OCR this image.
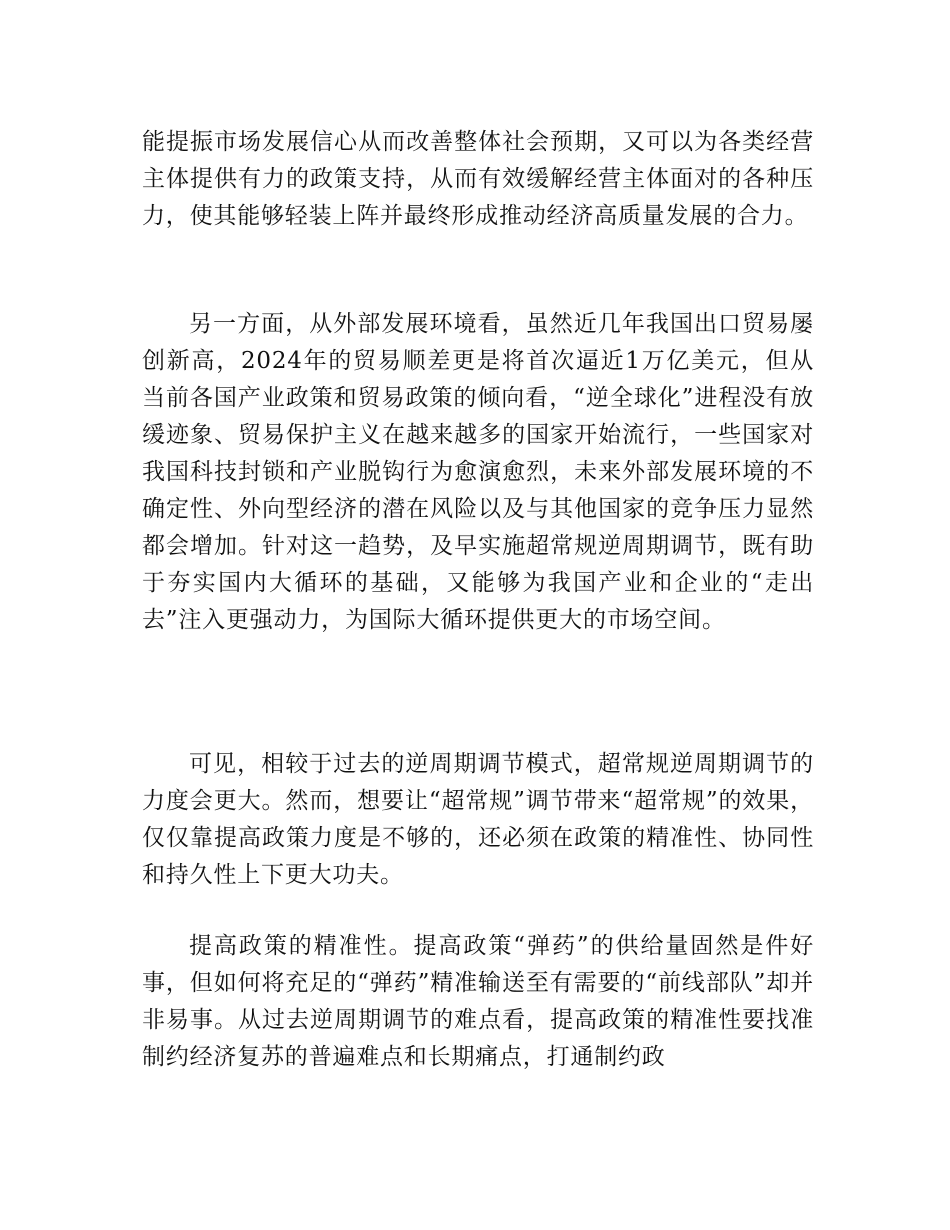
能提振市场发展信心从而改善整体社会预期，又可以为各类经营主体提供有力的政策支持，从而有效缓解经营主体面对的各种压力，使其能够轻装上阵并最终形成推动经济高质量发展的合力。

另一方面，从外部发展环境看，虽然近几年我国出口贸易屡创新高，2024年的贸易顺差更是将首次逼近1万亿美元，但从当前各国产业政策和贸易政策的倾向看，“逆全球化”进程没有放缓迹象、贸易保护主义在越来越多的国家开始流行，一些国家对我国科技封锁和产业脱钩行为愈演愈烈，未来外部发展环境的不确定性、外向型经济的潜在风险以及与其他国家的竞争压力显然都会增加。针对这一趋势，及早实施超常规逆周期调节，既有助于夯实国内大循环的基础，又能够为我国产业和企业的“走出去”注入更强动力，为国际大循环提供更大的市场空间。

可见，相较于过去的逆周期调节模式，超常规逆周期调节的力度会更大。然而，想要让“超常规”调节带来“超常规”的效果，仅仅靠提高政策力度是不够的，还必须在政策的精准性、协同性和持久性上下更大功夫。

提高政策的精准性。提高政策“弹药”的供给量固然是件好事，但如何将充足的“弹药”精准输送至有需要的“前线部队”却并非易事。从过去逆周期调节的难点看，提高政策的精准性要找准制约经济复苏的普遍难点和长期痛点，打通制约政
